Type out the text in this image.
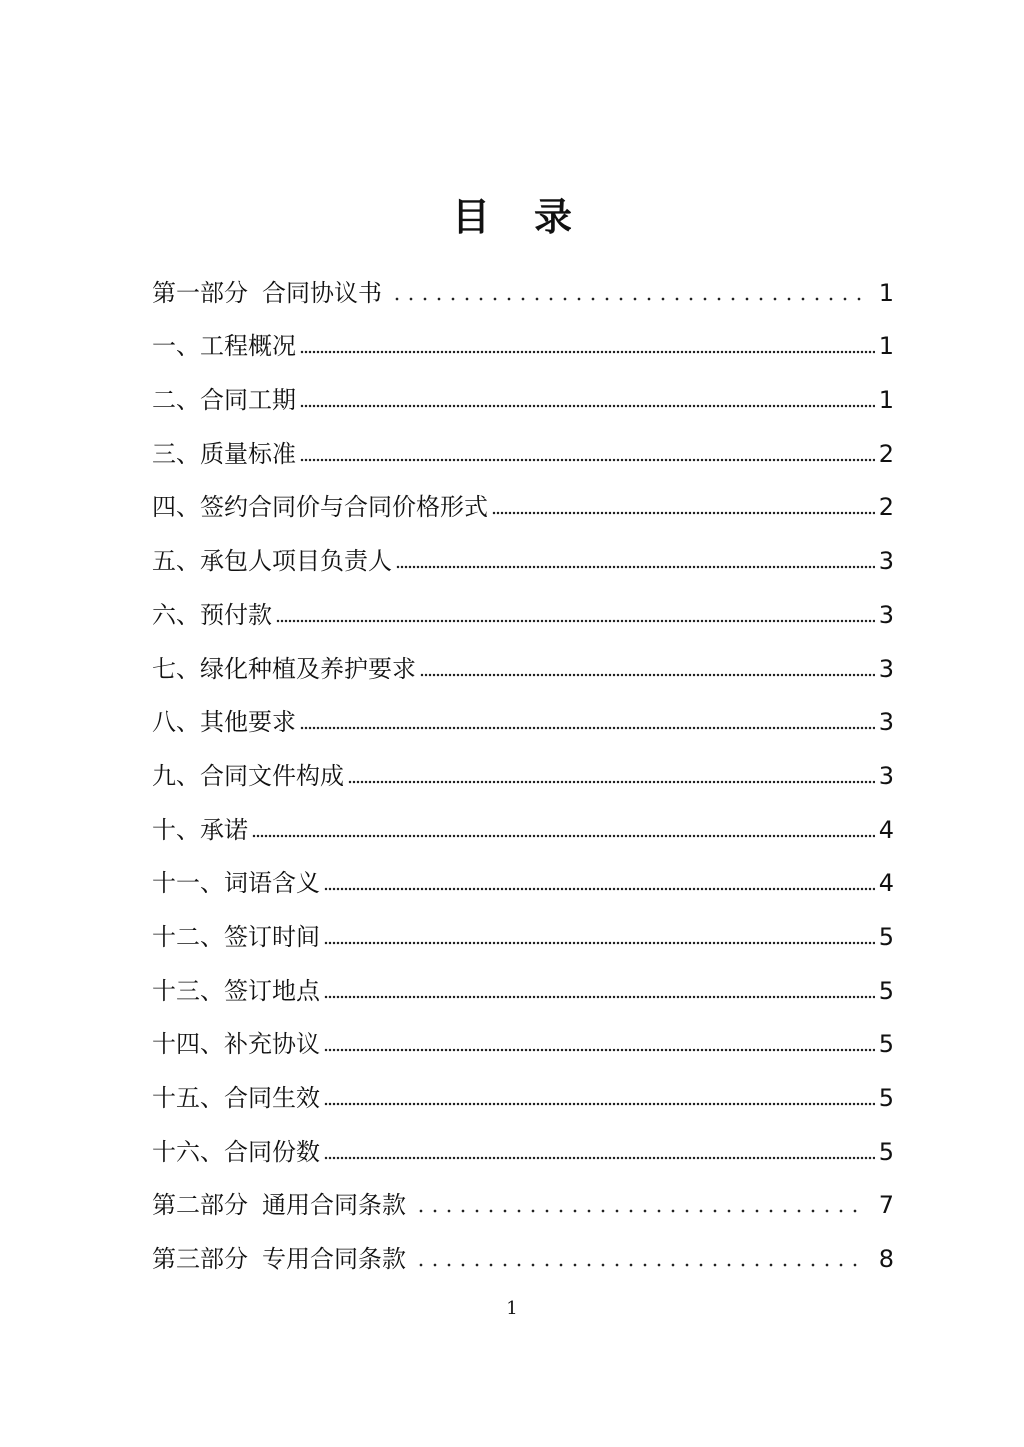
目 录
第一部分 合同协议书	1
一、工程概况	1
二、合同工期	1
三、质量标准	2
四、签约合同价与合同价格形式	2
五、承包人项目负责人	3
六、预付款	3
七、绿化种植及养护要求	3
八、其他要求	3
九、合同文件构成	3
十、承诺	4
十一、词语含义	4
十二、签订时间	5
十三、签订地点	5
十四、补充协议	5
十五、合同生效	5
十六、合同份数	5
第二部分 通用合同条款	7
第三部分 专用合同条款	8
1
